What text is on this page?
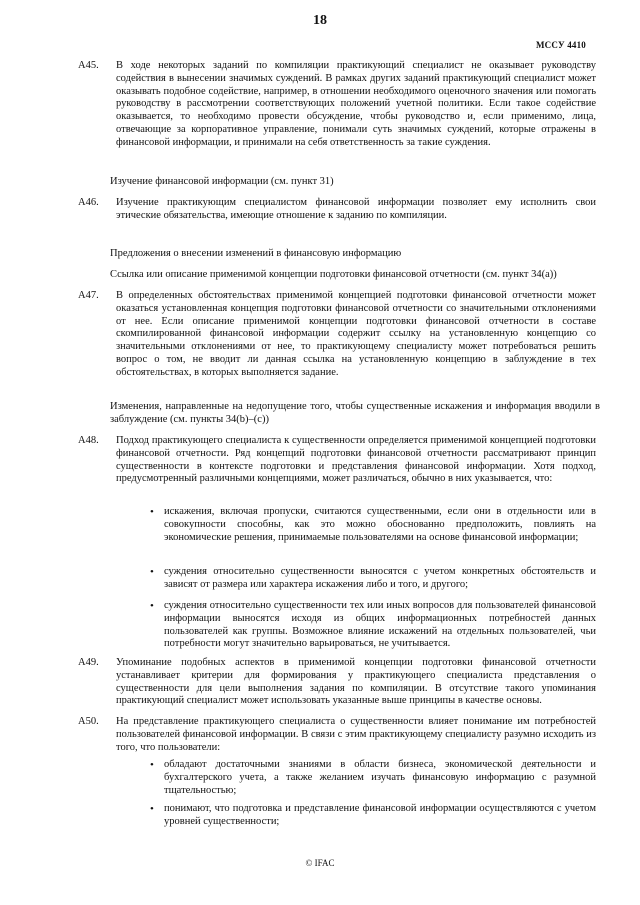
18
МССУ 4410
A45. В ходе некоторых заданий по компиляции практикующий специалист не оказывает руководству содействия в вынесении значимых суждений. В рамках других заданий практикующий специалист может оказывать подобное содействие, например, в отношении необходимого оценочного значения или помогать руководству в рассмотрении соответствующих положений учетной политики. Если такое содействие оказывается, то необходимо провести обсуждение, чтобы руководство и, если применимо, лица, отвечающие за корпоративное управление, понимали суть значимых суждений, которые отражены в финансовой информации, и принимали на себя ответственность за такие суждения.
Изучение финансовой информации (см. пункт 31)
A46. Изучение практикующим специалистом финансовой информации позволяет ему исполнить свои этические обязательства, имеющие отношение к заданию по компиляции.
Предложения о внесении изменений в финансовую информацию
Ссылка или описание применимой концепции подготовки финансовой отчетности (см. пункт 34(a))
A47. В определенных обстоятельствах применимой концепцией подготовки финансовой отчетности может оказаться установленная концепция подготовки финансовой отчетности со значительными отклонениями от нее. Если описание применимой концепции подготовки финансовой отчетности в составе скомпилированной финансовой информации содержит ссылку на установленную концепцию со значительными отклонениями от нее, то практикующему специалисту может потребоваться решить вопрос о том, не вводит ли данная ссылка на установленную концепцию в заблуждение в тех обстоятельствах, в которых выполняется задание.
Изменения, направленные на недопущение того, чтобы существенные искажения и информация вводили в заблуждение (см. пункты 34(b)–(c))
A48. Подход практикующего специалиста к существенности определяется применимой концепцией подготовки финансовой отчетности. Ряд концепций подготовки финансовой отчетности рассматривают принцип существенности в контексте подготовки и представления финансовой информации. Хотя подход, предусмотренный различными концепциями, может различаться, обычно в них указывается, что:
• искажения, включая пропуски, считаются существенными, если они в отдельности или в совокупности способны, как это можно обоснованно предположить, повлиять на экономические решения, принимаемые пользователями на основе финансовой информации;
• суждения относительно существенности выносятся с учетом конкретных обстоятельств и зависят от размера или характера искажения либо и того, и другого;
• суждения относительно существенности тех или иных вопросов для пользователей финансовой информации выносятся исходя из общих информационных потребностей данных пользователей как группы. Возможное влияние искажений на отдельных пользователей, чьи потребности могут значительно варьироваться, не учитывается.
A49. Упоминание подобных аспектов в применимой концепции подготовки финансовой отчетности устанавливает критерии для формирования у практикующего специалиста представления о существенности для цели выполнения задания по компиляции. В отсутствие такого упоминания практикующий специалист может использовать указанные выше принципы в качестве основы.
A50. На представление практикующего специалиста о существенности влияет понимание им потребностей пользователей финансовой информации. В связи с этим практикующему специалисту разумно исходить из того, что пользователи:
• обладают достаточными знаниями в области бизнеса, экономической деятельности и бухгалтерского учета, а также желанием изучать финансовую информацию с разумной тщательностью;
• понимают, что подготовка и представление финансовой информации осуществляются с учетом уровней существенности;
© IFAC
